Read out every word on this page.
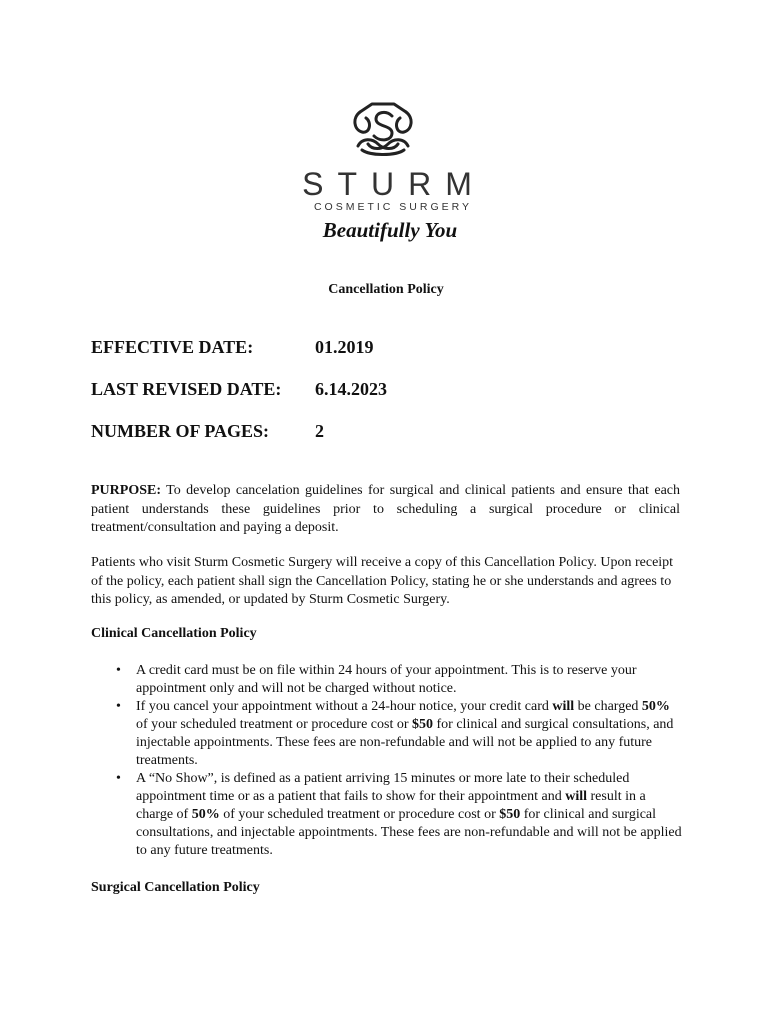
STURM
COSMETIC SURGERY
Beautifully You
Cancellation Policy
EFFECTIVE DATE:	01.2019
LAST REVISED DATE: 6.14.2023
NUMBER OF PAGES:	2

PURPOSE: To develop cancelation guidelines for surgical and clinical patients and ensure that each patient understands these guidelines prior to scheduling a surgical procedure or clinical treatment/consultation and paying a deposit.

Patients who visit Sturm Cosmetic Surgery will receive a copy of this Cancellation Policy. Upon receipt of the policy, each patient shall sign the Cancellation Policy, stating he or she understands and agrees to this policy, as amended, or updated by Sturm Cosmetic Surgery.

Clinical Cancellation Policy
• A credit card must be on file within 24 hours of your appointment. This is to reserve your appointment only and will not be charged without notice.
• If you cancel your appointment without a 24-hour notice, your credit card will be charged 50% of your scheduled treatment or procedure cost or $50 for clinical and surgical consultations, and injectable appointments. These fees are non-refundable and will not be applied to any future treatments.
• A “No Show”, is defined as a patient arriving 15 minutes or more late to their scheduled appointment time or as a patient that fails to show for their appointment and will result in a charge of 50% of your scheduled treatment or procedure cost or $50 for clinical and surgical consultations, and injectable appointments. These fees are non-refundable and will not be applied to any future treatments.
Surgical Cancellation Policy
